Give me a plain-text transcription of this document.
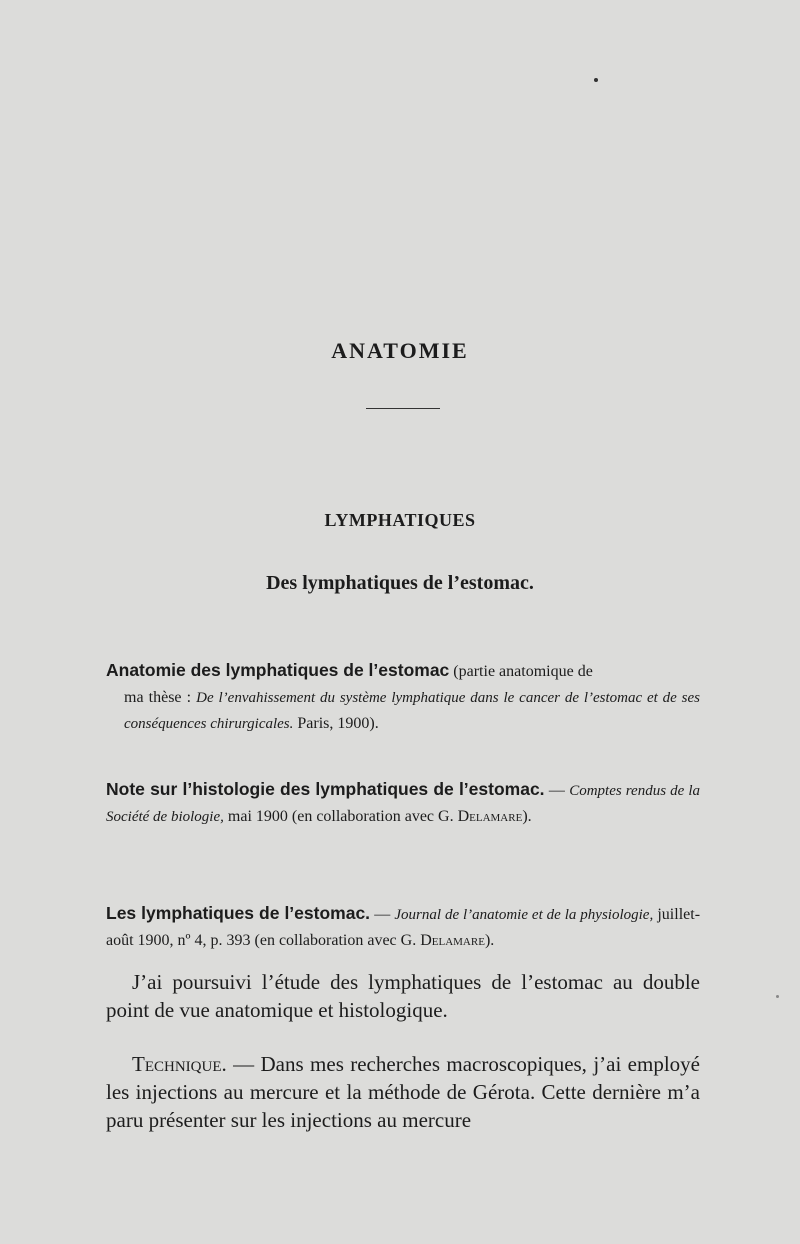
ANATOMIE
LYMPHATIQUES
Des lymphatiques de l’estomac.
Anatomie des lymphatiques de l’estomac (partie anatomique de
ma thèse : De l’envahissement du système lymphatique dans le cancer de l’estomac et de ses conséquences chirurgicales. Paris, 1900).
Note sur l’histologie des lymphatiques de l’estomac. — Comptes rendus de la Société de biologie, mai 1900 (en collaboration avec G. Delamare).
Les lymphatiques de l’estomac. — Journal de l’anatomie et de la physiologie, juillet-août 1900, nº 4, p. 393 (en collaboration avec G. Delamare).
J’ai poursuivi l’étude des lymphatiques de l’estomac au double point de vue anatomique et histologique.
Technique. — Dans mes recherches macroscopiques, j’ai employé les injections au mercure et la méthode de Gérota. Cette dernière m’a paru présenter sur les injections au mercure
